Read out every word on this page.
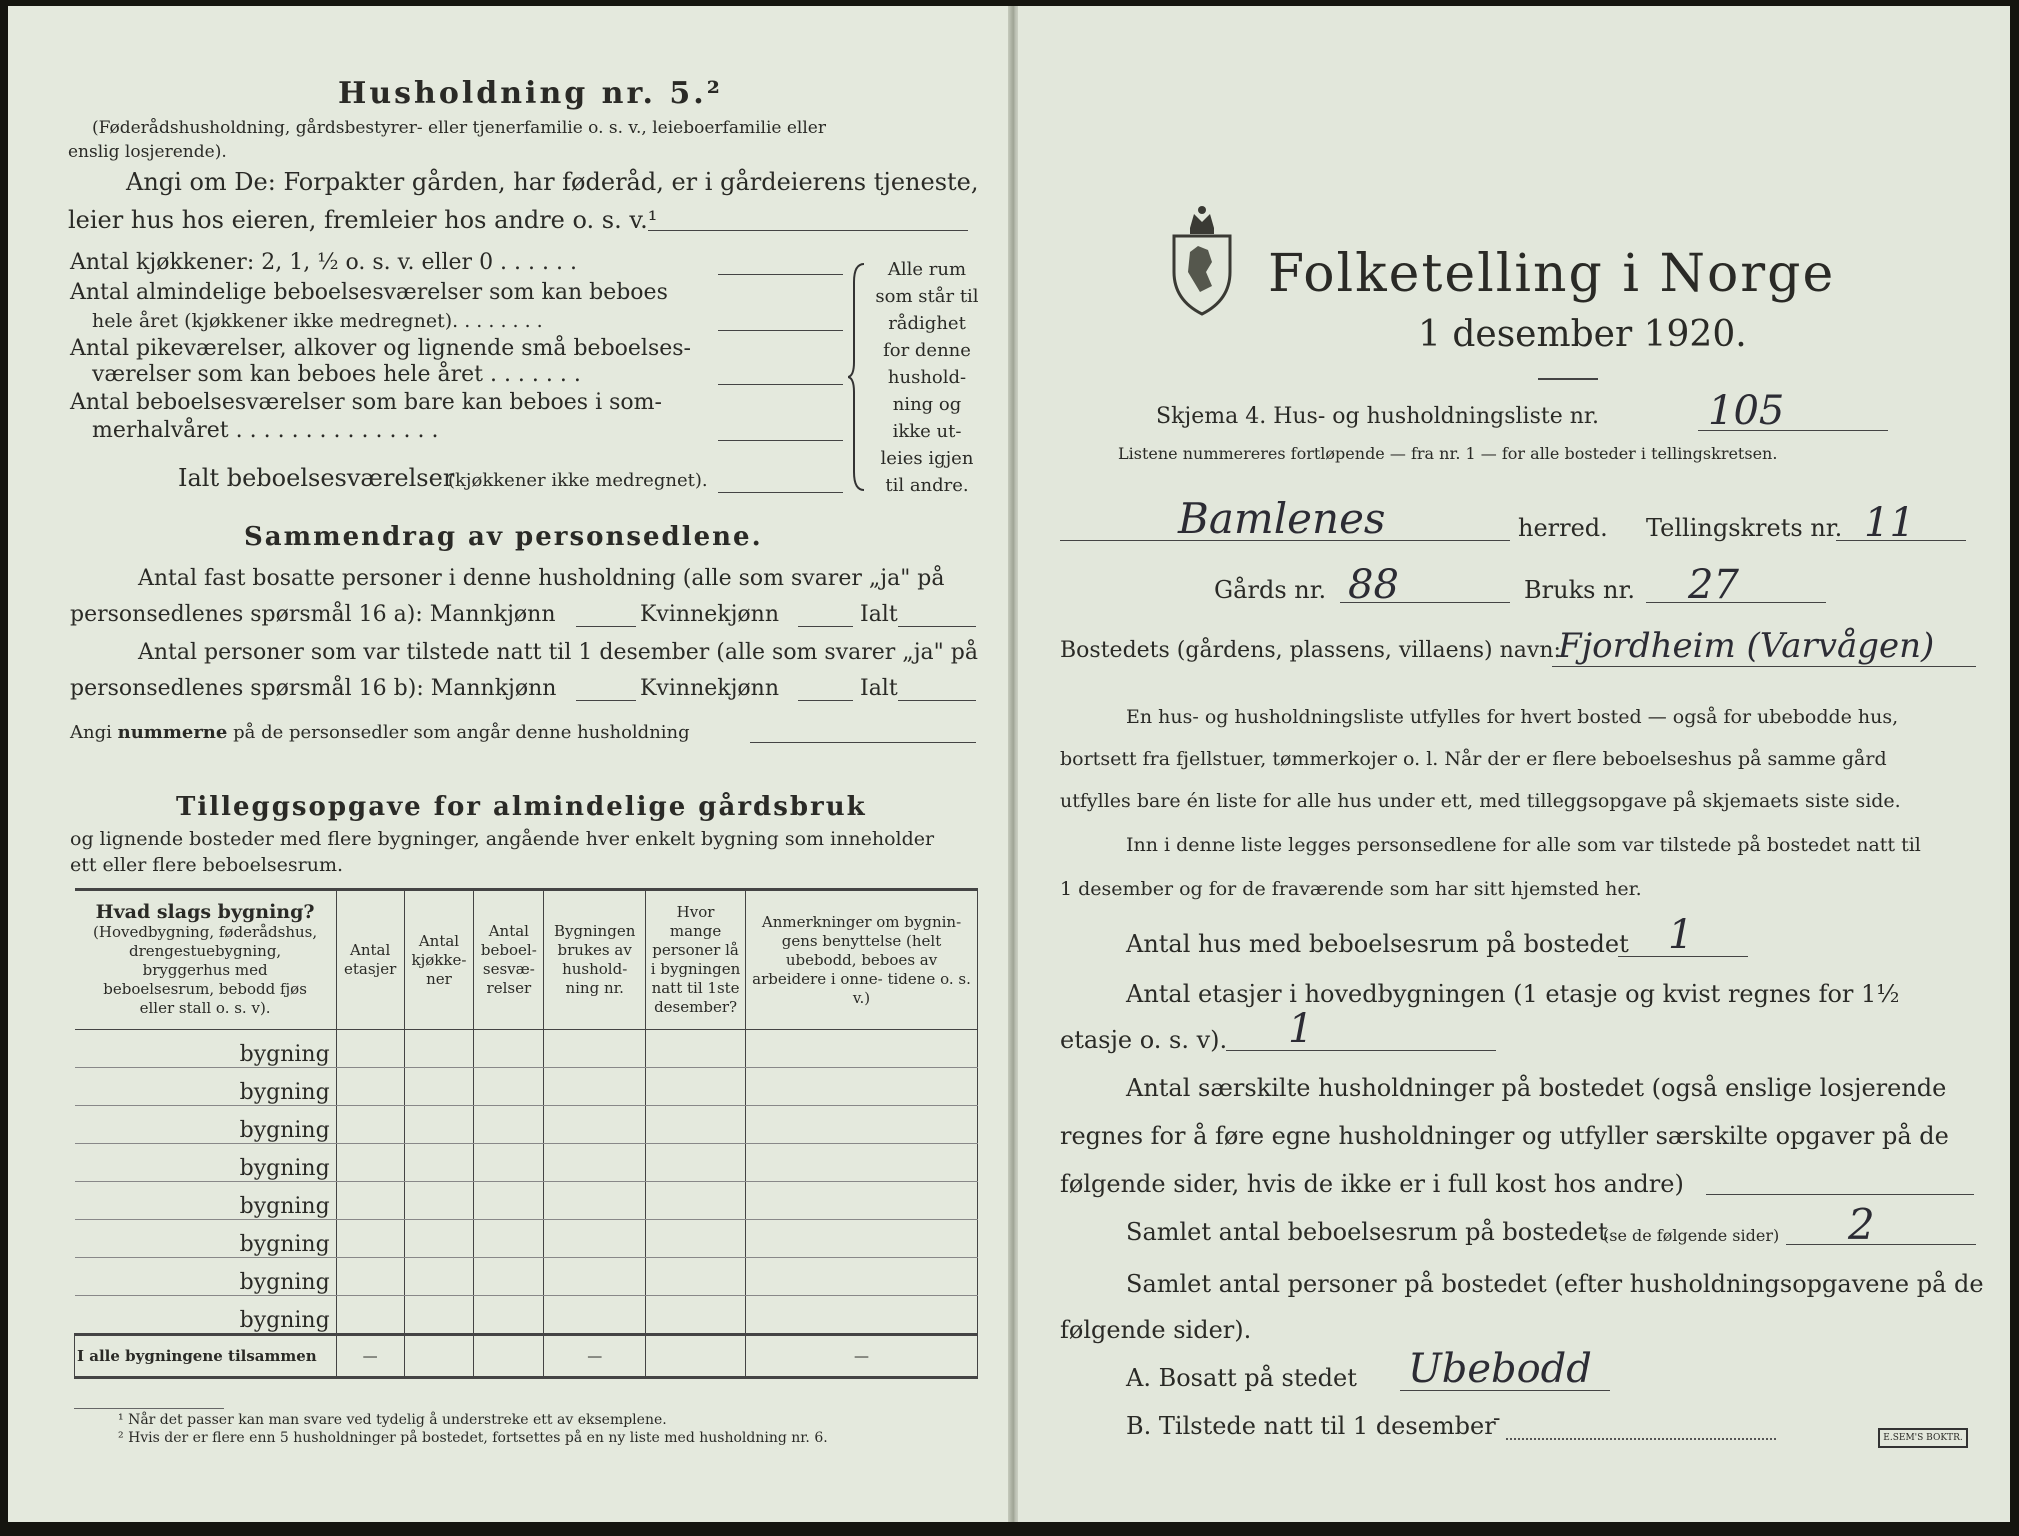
Husholdning nr. 5.²
(Føderådshusholdning, gårdsbestyrer- eller tjenerfamilie o. s. v., leieboerfamilie eller
enslig losjerende).
Angi om De: Forpakter gården, har føderåd, er i gårdeierens tjeneste,
leier hus hos eieren, fremleier hos andre o. s. v.¹
Antal kjøkkener: 2, 1, ½ o. s. v. eller 0 . . . . . .
Antal almindelige beboelsesværelser som kan beboes
hele året (kjøkkener ikke medregnet). . . . . . . .
Antal pikeværelser, alkover og lignende små beboelses-
værelser som kan beboes hele året . . . . . . .
Antal beboelsesværelser som bare kan beboes i som-
merhalvåret . . . . . . . . . . . . . . .
Ialt beboelsesværelser
(kjøkkener ikke medregnet).
Alle rum
som står til
rådighet
for denne
hushold-
ning og
ikke ut-
leies igjen
til andre.
Sammendrag av personsedlene.
Antal fast bosatte personer i denne husholdning (alle som svarer „ja" på
personsedlenes spørsmål 16 a): Mannkjønn	Kvinnekjønn	Ialt
Antal personer som var tilstede natt til 1 desember (alle som svarer „ja" på
personsedlenes spørsmål 16 b): Mannkjønn	Kvinnekjønn	Ialt
Angi nummerne på de personsedler som angår denne husholdning
Tilleggsopgave for almindelige gårdsbruk
og lignende bosteder med flere bygninger, angående hver enkelt bygning som inneholder
ett eller flere beboelsesrum.
Hvad slags bygning?
(Hovedbygning, føderådshus, drengestuebygning, bryggerhus med beboelsesrum, bebodd fjøs eller stall o. s. v).	Antal etasjer	Antal kjøkke- ner	Antal beboel- sesvæ- relser	Bygningen brukes av hushold- ning nr.	Hvor mange personer lå i bygningen natt til 1ste desember?	Anmerkninger om bygnin- gens benyttelse (helt ubebodd, beboes av arbeidere i onne- tidene o. s. v.)
bygning						
bygning						
bygning						
bygning						
bygning						
bygning						
bygning						
bygning						
I alle bygningene tilsammen	—			—		—
¹ Når det passer kan man svare ved tydelig å understreke ett av eksemplene.
² Hvis der er flere enn 5 husholdninger på bostedet, fortsettes på en ny liste med husholdning nr. 6.
Folketelling i Norge
1 desember 1920.
Skjema 4. Hus- og husholdningsliste nr.	105
Listene nummereres fortløpende — fra nr. 1 — for alle bosteder i tellingskretsen.
Bamlenes	herred. Tellingskrets nr. 11
Gårds nr. 88	Bruks nr. 27
Bostedets (gårdens, plassens, villaens) navn:
Fjordheim (Varvågen)
En hus- og husholdningsliste utfylles for hvert bosted — også for ubebodde hus,
bortsett fra fjellstuer, tømmerkojer o. l. Når der er flere beboelseshus på samme gård
utfylles bare én liste for alle hus under ett, med tilleggsopgave på skjemaets siste side.
Inn i denne liste legges personsedlene for alle som var tilstede på bostedet natt til
1 desember og for de fraværende som har sitt hjemsted her.
Antal hus med beboelsesrum på bostedet 1
Antal etasjer i hovedbygningen (1 etasje og kvist regnes for 1½
etasje o. s. v). 1
Antal særskilte husholdninger på bostedet (også enslige losjerende
regnes for å føre egne husholdninger og utfyller særskilte opgaver på de
følgende sider, hvis de ikke er i full kost hos andre)
Samlet antal beboelsesrum på bostedet
(se de følgende sider) 2
Samlet antal personer på bostedet (efter husholdningsopgavene på de
følgende sider).
A. Bosatt på stedet Ubebodd
B. Tilstede natt til 1 desember
-
E.SEM'S BOKTR.
